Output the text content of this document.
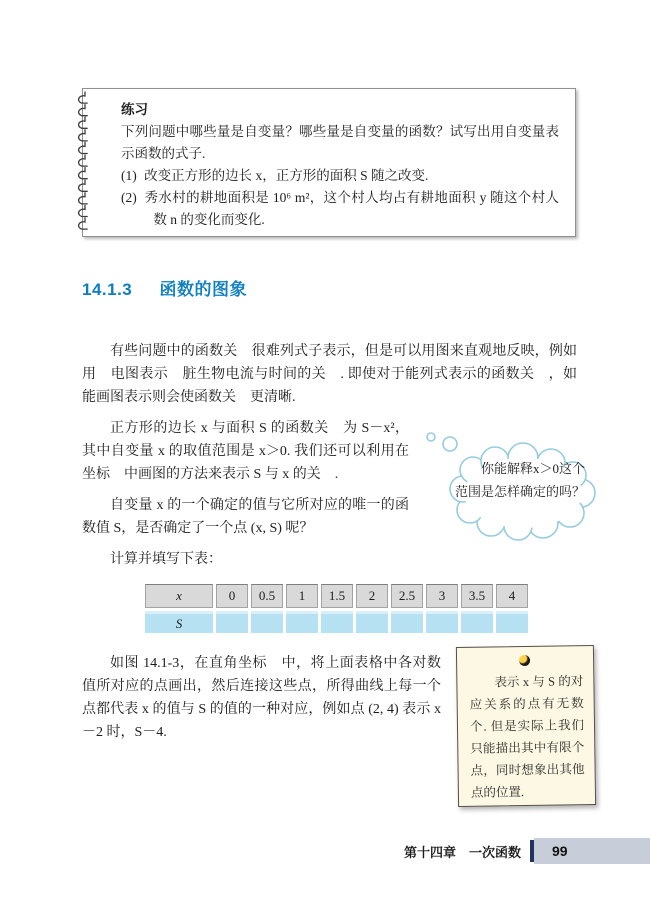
练习
下列问题中哪些量是自变量？哪些量是自变量的函数？试写出用自变量表示函数的式子.
(1) 改变正方形的边长 x，正方形的面积 S 随之改变.
(2) 秀水村的耕地面积是 10⁶ m²，这个村人均占有耕地面积 y 随这个村人数 n 的变化而变化.
14.1.3 函数的图象

有些问题中的函数关　很难列式子表示，但是可以用图来直观地反映，例如用　电图表示　脏生物电流与时间的关　. 即使对于能列式表示的函数关　，如　能画图表示则会使函数关　更清晰.

你能解释x＞0这个范围是怎样确定的吗？

正方形的边长 x 与面积 S 的函数关　为 S－x²，其中自变量 x 的取值范围是 x＞0. 我们还可以利用在坐标　中画图的方法来表示 S 与 x 的关　.

自变量 x 的一个确定的值与它所对应的唯一的函数值 S，是否确定了一个点 (x, S) 呢？

计算并填写下表：

x	0	0.5	1	1.5	2	2.5	3	3.5	4
S									
表示 x 与 S 的对应关系的点有无数个. 但是实际上我们只能描出其中有限个点，同时想象出其他点的位置.
如图 14.1-3，在直角坐标　中，将上面表格中各对数值所对应的点画出，然后连接这些点，所得曲线上每一个点都代表 x 的值与 S 的值的一种对应，例如点 (2, 4) 表示 x－2 时，S－4.
第十四章　一次函数 99
